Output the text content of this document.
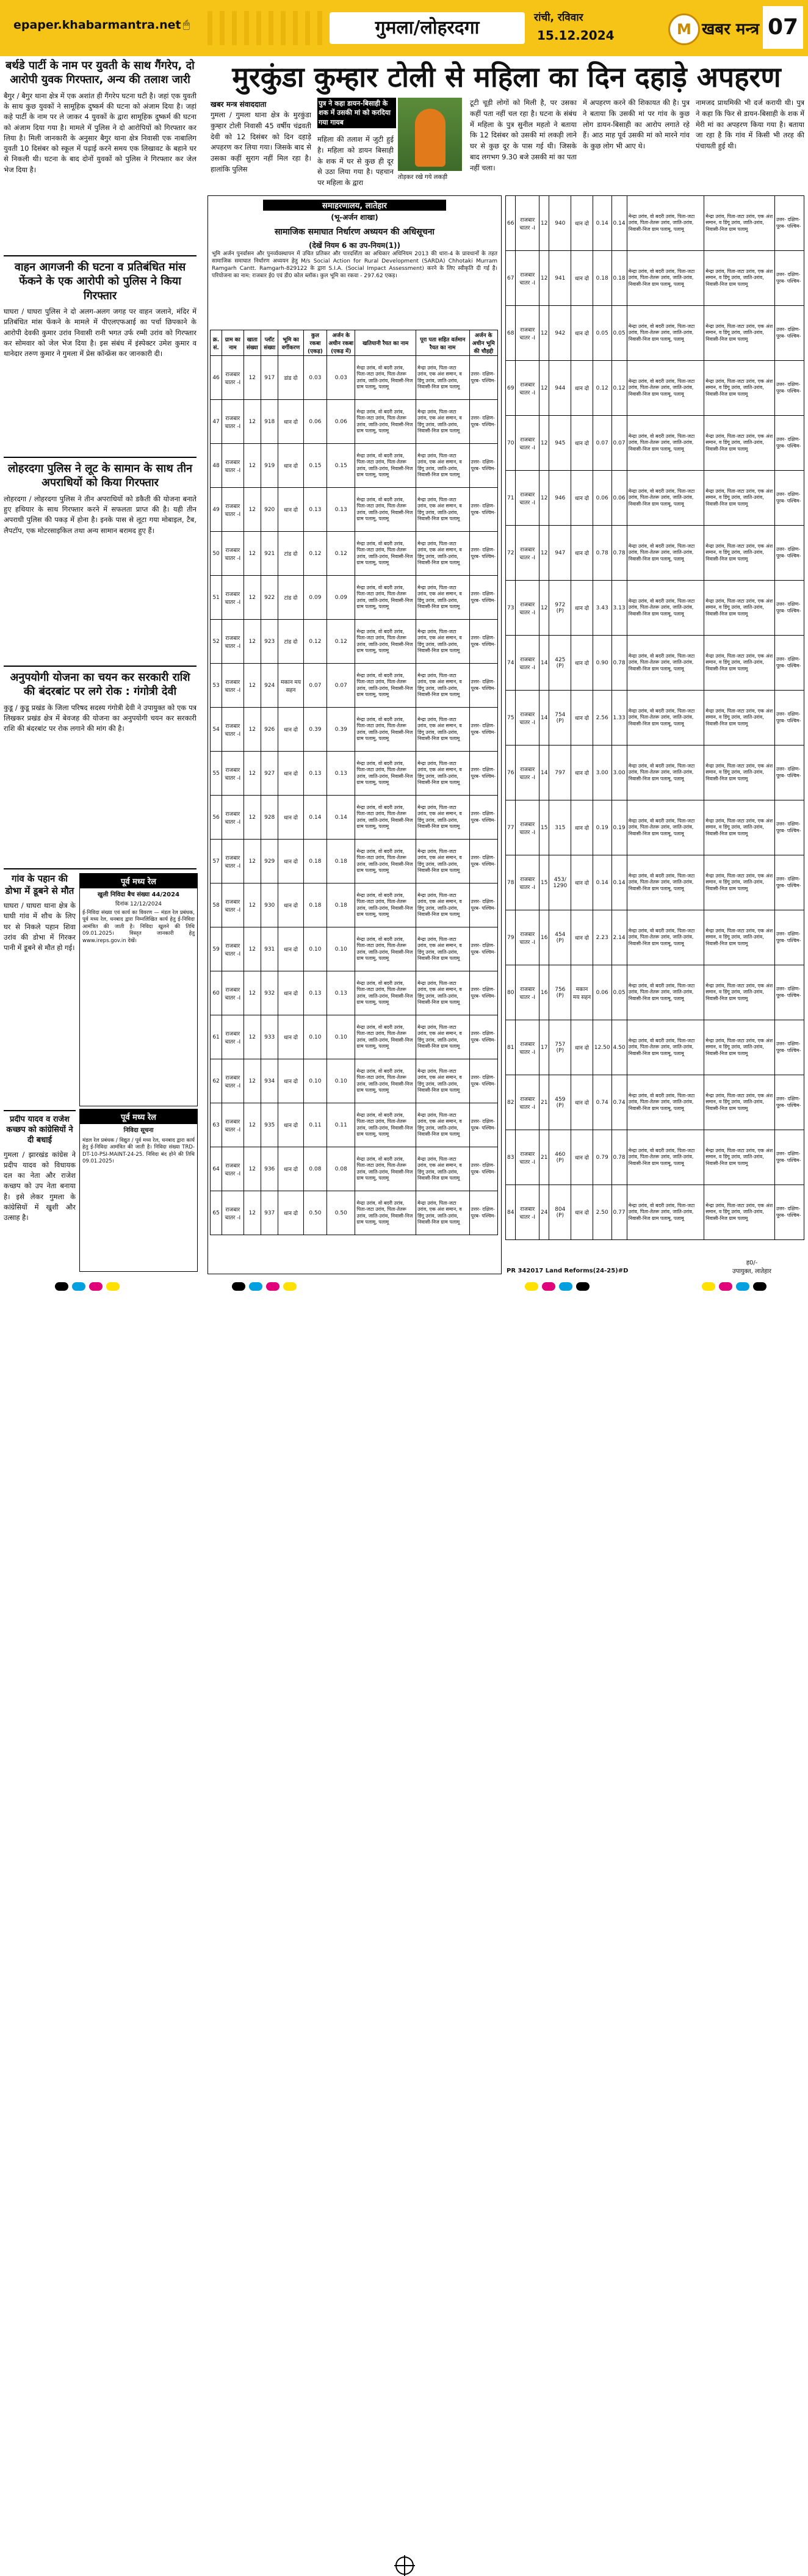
epaper.khabarmantra.net 🖱	गुमला/लोहरदगा	रांची, रविवार
15.12.2024	M खबर मन्त्र 07
बर्थडे पार्टी के नाम पर युवती के साथ गैंगरेप, दो आरोपी युवक गिरफ्तार, अन्य की तलाश जारी

बैगुर / बैगुर थाना क्षेत्र में एक अशांत ही गैंगरेप घटना घटी है। जहां एक युवती के साथ कुछ युवकों ने सामूहिक दुष्कर्म की घटना को अंजाम दिया है। जहां कहे पार्टी के नाम पर ले जाकर 4 युवकों के द्वारा सामूहिक दुष्कर्म की घटना को अंजाम दिया गया है। मामले में पुलिस ने दो आरोपियों को गिरफ्तार कर लिया है। मिली जानकारी के अनुसार बैगुर थाना क्षेत्र निवासी एक नाबालिग युवती 10 दिसंबर को स्कूल में पढ़ाई करने समय एक लिखावट के बहाने घर से निकली थी। घटना के बाद दोनों युवकों को पुलिस ने गिरफ्तार कर जेल भेज दिया है।

वाहन आगजनी की घटना व प्रतिबंधित मांस फेंकने के एक आरोपी को पुलिस ने किया गिरफ्तार

घाघरा / घाघरा पुलिस ने दो अलग-अलग जगह पर वाहन जलाने, मंदिर में प्रतिबंधित मांस फेंकने के मामले में पीएलएफआई का पर्चा छिपकाने के आरोपी देवकी कुमार उरांव निवासी रानी भगत उर्फ रम्मी उरांव को गिरफ्तार कर सोमवार को जेल भेज दिया है। इस संबंध में इंस्पेक्टर उमेश कुमार व थानेदार तरुण कुमार ने गुमला में प्रेस कॉन्फ्रेंस कर जानकारी दी।

लोहरदगा पुलिस ने लूट के सामान के साथ तीन अपराधियों को किया गिरफ्तार

लोहरदगा / लोहरदगा पुलिस ने तीन अपराधियों को डकैती की योजना बनाते हुए हथियार के साथ गिरफ्तार करने में सफलता प्राप्त की है। यही तीन अपराधी पुलिस की पकड़ में होना है। इनके पास से लूटा गया मोबाइल, टैब, लैपटॉप, एक मोटरसाइकिल तथा अन्य सामान बरामद हुए हैं।

अनुपयोगी योजना का चयन कर सरकारी राशि की बंदरबांट पर लगे रोक : गंगोत्री देवी

कुडू / कुडू प्रखंड के जिला परिषद सदस्य गंगोत्री देवी ने उपायुक्त को एक पत्र लिखकर प्रखंड क्षेत्र में बेवजह की योजना का अनुपयोगी चयन कर सरकारी राशि की बंदरबांट पर रोक लगाने की मांग की है।

गांव के पहान की डोभा में डूबने से मौत

घाघरा / घाघरा थाना क्षेत्र के घाघी गांव में शौच के लिए घर से निकले पहान शिवा उरांव की डोभा में गिरकर पानी में डूबने से मौत हो गई।

प्रदीप यादव व राजेश कच्छप को कांग्रेसियों ने दी बधाई

गुमला / झारखंड कांग्रेस ने प्रदीप यादव को विधायक दल का नेता और राजेश कच्छप को उप नेता बनाया है। इसे लेकर गुमला के कांग्रेसियों में खुशी और उत्साह है।

पूर्व मध्य रेल
खुली निविदा बैच संख्या 44/2024
दिनांक 12/12/2024
ई-निविदा संख्या एवं कार्य का विवरण — मंडल रेल प्रबंधक, पूर्व मध्य रेल, धनबाद द्वारा निम्नलिखित कार्य हेतु ई-निविदा आमंत्रित की जाती है। निविदा खुलने की तिथि 09.01.2025। विस्तृत जानकारी हेतु www.ireps.gov.in देखें।
पूर्व मध्य रेल
निविदा सूचना
मंडल रेल प्रबंधक / विद्युत / पूर्व मध्य रेल, धनबाद द्वारा कार्य हेतु ई-निविदा आमंत्रित की जाती है। निविदा संख्या TRD-DT-10-PSI-MAINT-24-25. निविदा बंद होने की तिथि 09.01.2025।
मुरकुंडा कुम्हार टोली से महिला का दिन दहाड़े अपहरण
खबर मन्त्र संवाददाता
गुमला / गुमला थाना क्षेत्र के मुरकुंडा कुम्हार टोली निवासी 45 वर्षीय चंद्रवती देवी को 12 दिसंबर को दिन दहाड़े अपहरण कर लिया गया। जिसके बाद से उसका कहीं सुराग नहीं मिल रहा है। हालांकि पुलिस
पुत्र ने कहा डायन-बिसाही के शक में उसकी मां को करदिया गया गायब
महिला की तलाश में जुटी हुई है। महिला को डायन बिसाही के शक में घर से कुछ ही दूर से उठा लिया गया है। पहचान पर महिला के द्वारा
तोड़कर रखे गये लकड़ी
टूटी चूड़ी लोगों को मिली है, पर उसका कहीं पता नहीं चल रहा है। घटना के संबंध में महिला के पुत्र सुनील महतो ने बताया कि 12 दिसंबर को उसकी मां लकड़ी लाने घर से कुछ दूर के पास गई थी। जिसके बाद लगभग 9.30 बजे उसकी मां का पता नहीं चला।
में अपहरण करने की शिकायत की है। पुत्र ने बताया कि उसकी मां पर गांव के कुछ लोग डायन-बिसाही का आरोप लगाते रहे हैं। आठ माह पूर्व उसकी मां को मारने गांव के कुछ लोग भी आए थे।
नामजद प्राथमिकी भी दर्ज करायी थी। पुत्र ने कहा कि फिर से डायन-बिसाही के शक में मेरी मां का अपहरण किया गया है। बताया जा रहा है कि गांव में किसी भी तरह की पंचायती हुई थी।
समाहरणालय, लातेहार
(भू-अर्जन शाखा)
सामाजिक समाघात निर्धारण अध्ययन की अधिसूचना
(देखें नियम 6 का उप-नियम(1))
भूमि अर्जन पुनर्वासन और पुनर्व्यवस्थापन में उचित प्रतिकर और पारदर्शिता का अधिकार अधिनियम 2013 की धारा-4 के प्रावधानों के तहत सामाजिक समाघात निर्धारण अध्ययन हेतु M/s Social Action for Rural Development (SARDA) Chhotaki Murram Ramgarh Cantt. Ramgarh-829122 के द्वारा S.I.A. (Social Impact Assessment) करने के लिए स्वीकृति दी गई है। परियोजना का नाम: राजबार ई0 एवं डी0 कोल ब्लॉक। कुल भूमि का रकवा - 297.62 एकड़।
क्र. सं.	ग्राम का नाम	खाता संख्या	प्लॉट संख्या	भूमि का वर्गीकरण	कुल रकबा (एकड़)	अर्जन के अधीन रकबा (एकड़ में)	खतियानी रैयत का नाम	पूरा पता सहित वर्तमान रैयत का नाम	अर्जन के अधीन भूमि की चौहद्दी
46	राजबार चातर -I	12	917	डांड दो	0.03	0.03	मेन्द्रा उरांव, वो बदरी उरांव, पिता-जटा उरांव, पिता-तेतरू उरांव, जाति-उरांव, निवासी-निज ग्राम पलामू, पलामू	मेन्द्रा उरांव, पिता-जटा उरांव, एक अंश समान, व डिंगू उरांव, जाति-उरांव, निवासी-निज ग्राम पलामू	उत्तर- दक्षिण- पूरब- पश्चिम-
47	राजबार चातर -I	12	918	धान दो	0.06	0.06	मेन्द्रा उरांव, वो बदरी उरांव, पिता-जटा उरांव, पिता-तेतरू उरांव, जाति-उरांव, निवासी-निज ग्राम पलामू, पलामू	मेन्द्रा उरांव, पिता-जटा उरांव, एक अंश समान, व डिंगू उरांव, जाति-उरांव, निवासी-निज ग्राम पलामू	उत्तर- दक्षिण- पूरब- पश्चिम-
48	राजबार चातर -I	12	919	धान दो	0.15	0.15	मेन्द्रा उरांव, वो बदरी उरांव, पिता-जटा उरांव, पिता-तेतरू उरांव, जाति-उरांव, निवासी-निज ग्राम पलामू, पलामू	मेन्द्रा उरांव, पिता-जटा उरांव, एक अंश समान, व डिंगू उरांव, जाति-उरांव, निवासी-निज ग्राम पलामू	उत्तर- दक्षिण- पूरब- पश्चिम-
49	राजबार चातर -I	12	920	धान दो	0.13	0.13	मेन्द्रा उरांव, वो बदरी उरांव, पिता-जटा उरांव, पिता-तेतरू उरांव, जाति-उरांव, निवासी-निज ग्राम पलामू, पलामू	मेन्द्रा उरांव, पिता-जटा उरांव, एक अंश समान, व डिंगू उरांव, जाति-उरांव, निवासी-निज ग्राम पलामू	उत्तर- दक्षिण- पूरब- पश्चिम-
50	राजबार चातर -I	12	921	टांड दो	0.12	0.12	मेन्द्रा उरांव, वो बदरी उरांव, पिता-जटा उरांव, पिता-तेतरू उरांव, जाति-उरांव, निवासी-निज ग्राम पलामू, पलामू	मेन्द्रा उरांव, पिता-जटा उरांव, एक अंश समान, व डिंगू उरांव, जाति-उरांव, निवासी-निज ग्राम पलामू	उत्तर- दक्षिण- पूरब- पश्चिम-
51	राजबार चातर -I	12	922	टांड दो	0.09	0.09	मेन्द्रा उरांव, वो बदरी उरांव, पिता-जटा उरांव, पिता-तेतरू उरांव, जाति-उरांव, निवासी-निज ग्राम पलामू, पलामू	मेन्द्रा उरांव, पिता-जटा उरांव, एक अंश समान, व डिंगू उरांव, जाति-उरांव, निवासी-निज ग्राम पलामू	उत्तर- दक्षिण- पूरब- पश्चिम-
52	राजबार चातर -I	12	923	टांड दो	0.12	0.12	मेन्द्रा उरांव, वो बदरी उरांव, पिता-जटा उरांव, पिता-तेतरू उरांव, जाति-उरांव, निवासी-निज ग्राम पलामू, पलामू	मेन्द्रा उरांव, पिता-जटा उरांव, एक अंश समान, व डिंगू उरांव, जाति-उरांव, निवासी-निज ग्राम पलामू	उत्तर- दक्षिण- पूरब- पश्चिम-
53	राजबार चातर -I	12	924	मकान मय सहन	0.07	0.07	मेन्द्रा उरांव, वो बदरी उरांव, पिता-जटा उरांव, पिता-तेतरू उरांव, जाति-उरांव, निवासी-निज ग्राम पलामू, पलामू	मेन्द्रा उरांव, पिता-जटा उरांव, एक अंश समान, व डिंगू उरांव, जाति-उरांव, निवासी-निज ग्राम पलामू	उत्तर- दक्षिण- पूरब- पश्चिम-
54	राजबार चातर -I	12	926	धान दो	0.39	0.39	मेन्द्रा उरांव, वो बदरी उरांव, पिता-जटा उरांव, पिता-तेतरू उरांव, जाति-उरांव, निवासी-निज ग्राम पलामू, पलामू	मेन्द्रा उरांव, पिता-जटा उरांव, एक अंश समान, व डिंगू उरांव, जाति-उरांव, निवासी-निज ग्राम पलामू	उत्तर- दक्षिण- पूरब- पश्चिम-
55	राजबार चातर -I	12	927	धान दो	0.13	0.13	मेन्द्रा उरांव, वो बदरी उरांव, पिता-जटा उरांव, पिता-तेतरू उरांव, जाति-उरांव, निवासी-निज ग्राम पलामू, पलामू	मेन्द्रा उरांव, पिता-जटा उरांव, एक अंश समान, व डिंगू उरांव, जाति-उरांव, निवासी-निज ग्राम पलामू	उत्तर- दक्षिण- पूरब- पश्चिम-
56	राजबार चातर -I	12	928	धान दो	0.14	0.14	मेन्द्रा उरांव, वो बदरी उरांव, पिता-जटा उरांव, पिता-तेतरू उरांव, जाति-उरांव, निवासी-निज ग्राम पलामू, पलामू	मेन्द्रा उरांव, पिता-जटा उरांव, एक अंश समान, व डिंगू उरांव, जाति-उरांव, निवासी-निज ग्राम पलामू	उत्तर- दक्षिण- पूरब- पश्चिम-
57	राजबार चातर -I	12	929	धान दो	0.18	0.18	मेन्द्रा उरांव, वो बदरी उरांव, पिता-जटा उरांव, पिता-तेतरू उरांव, जाति-उरांव, निवासी-निज ग्राम पलामू, पलामू	मेन्द्रा उरांव, पिता-जटा उरांव, एक अंश समान, व डिंगू उरांव, जाति-उरांव, निवासी-निज ग्राम पलामू	उत्तर- दक्षिण- पूरब- पश्चिम-
58	राजबार चातर -I	12	930	धान दो	0.18	0.18	मेन्द्रा उरांव, वो बदरी उरांव, पिता-जटा उरांव, पिता-तेतरू उरांव, जाति-उरांव, निवासी-निज ग्राम पलामू, पलामू	मेन्द्रा उरांव, पिता-जटा उरांव, एक अंश समान, व डिंगू उरांव, जाति-उरांव, निवासी-निज ग्राम पलामू	उत्तर- दक्षिण- पूरब- पश्चिम-
59	राजबार चातर -I	12	931	धान दो	0.10	0.10	मेन्द्रा उरांव, वो बदरी उरांव, पिता-जटा उरांव, पिता-तेतरू उरांव, जाति-उरांव, निवासी-निज ग्राम पलामू, पलामू	मेन्द्रा उरांव, पिता-जटा उरांव, एक अंश समान, व डिंगू उरांव, जाति-उरांव, निवासी-निज ग्राम पलामू	उत्तर- दक्षिण- पूरब- पश्चिम-
60	राजबार चातर -I	12	932	धान दो	0.13	0.13	मेन्द्रा उरांव, वो बदरी उरांव, पिता-जटा उरांव, पिता-तेतरू उरांव, जाति-उरांव, निवासी-निज ग्राम पलामू, पलामू	मेन्द्रा उरांव, पिता-जटा उरांव, एक अंश समान, व डिंगू उरांव, जाति-उरांव, निवासी-निज ग्राम पलामू	उत्तर- दक्षिण- पूरब- पश्चिम-
61	राजबार चातर -I	12	933	धान दो	0.10	0.10	मेन्द्रा उरांव, वो बदरी उरांव, पिता-जटा उरांव, पिता-तेतरू उरांव, जाति-उरांव, निवासी-निज ग्राम पलामू, पलामू	मेन्द्रा उरांव, पिता-जटा उरांव, एक अंश समान, व डिंगू उरांव, जाति-उरांव, निवासी-निज ग्राम पलामू	उत्तर- दक्षिण- पूरब- पश्चिम-
62	राजबार चातर -I	12	934	धान दो	0.10	0.10	मेन्द्रा उरांव, वो बदरी उरांव, पिता-जटा उरांव, पिता-तेतरू उरांव, जाति-उरांव, निवासी-निज ग्राम पलामू, पलामू	मेन्द्रा उरांव, पिता-जटा उरांव, एक अंश समान, व डिंगू उरांव, जाति-उरांव, निवासी-निज ग्राम पलामू	उत्तर- दक्षिण- पूरब- पश्चिम-
63	राजबार चातर -I	12	935	धान दो	0.11	0.11	मेन्द्रा उरांव, वो बदरी उरांव, पिता-जटा उरांव, पिता-तेतरू उरांव, जाति-उरांव, निवासी-निज ग्राम पलामू, पलामू	मेन्द्रा उरांव, पिता-जटा उरांव, एक अंश समान, व डिंगू उरांव, जाति-उरांव, निवासी-निज ग्राम पलामू	उत्तर- दक्षिण- पूरब- पश्चिम-
64	राजबार चातर -I	12	936	धान दो	0.08	0.08	मेन्द्रा उरांव, वो बदरी उरांव, पिता-जटा उरांव, पिता-तेतरू उरांव, जाति-उरांव, निवासी-निज ग्राम पलामू, पलामू	मेन्द्रा उरांव, पिता-जटा उरांव, एक अंश समान, व डिंगू उरांव, जाति-उरांव, निवासी-निज ग्राम पलामू	उत्तर- दक्षिण- पूरब- पश्चिम-
65	राजबार चातर -I	12	937	धान दो	0.50	0.50	मेन्द्रा उरांव, वो बदरी उरांव, पिता-जटा उरांव, पिता-तेतरू उरांव, जाति-उरांव, निवासी-निज ग्राम पलामू, पलामू	मेन्द्रा उरांव, पिता-जटा उरांव, एक अंश समान, व डिंगू उरांव, जाति-उरांव, निवासी-निज ग्राम पलामू	उत्तर- दक्षिण- पूरब- पश्चिम-
66	राजबार चातर -I	12	940	धान दो	0.14	0.14	मेन्द्रा उरांव, वो बदरी उरांव, पिता-जटा उरांव, पिता-तेतरू उरांव, जाति-उरांव, निवासी-निज ग्राम पलामू, पलामू	मेन्द्रा उरांव, पिता-जटा उरांव, एक अंश समान, व डिंगू उरांव, जाति-उरांव, निवासी-निज ग्राम पलामू	उत्तर- दक्षिण- पूरब- पश्चिम-
67	राजबार चातर -I	12	941	धान दो	0.18	0.18	मेन्द्रा उरांव, वो बदरी उरांव, पिता-जटा उरांव, पिता-तेतरू उरांव, जाति-उरांव, निवासी-निज ग्राम पलामू, पलामू	मेन्द्रा उरांव, पिता-जटा उरांव, एक अंश समान, व डिंगू उरांव, जाति-उरांव, निवासी-निज ग्राम पलामू	उत्तर- दक्षिण- पूरब- पश्चिम-
68	राजबार चातर -I	12	942	धान दो	0.05	0.05	मेन्द्रा उरांव, वो बदरी उरांव, पिता-जटा उरांव, पिता-तेतरू उरांव, जाति-उरांव, निवासी-निज ग्राम पलामू, पलामू	मेन्द्रा उरांव, पिता-जटा उरांव, एक अंश समान, व डिंगू उरांव, जाति-उरांव, निवासी-निज ग्राम पलामू	उत्तर- दक्षिण- पूरब- पश्चिम-
69	राजबार चातर -I	12	944	धान दो	0.12	0.12	मेन्द्रा उरांव, वो बदरी उरांव, पिता-जटा उरांव, पिता-तेतरू उरांव, जाति-उरांव, निवासी-निज ग्राम पलामू, पलामू	मेन्द्रा उरांव, पिता-जटा उरांव, एक अंश समान, व डिंगू उरांव, जाति-उरांव, निवासी-निज ग्राम पलामू	उत्तर- दक्षिण- पूरब- पश्चिम-
70	राजबार चातर -I	12	945	धान दो	0.07	0.07	मेन्द्रा उरांव, वो बदरी उरांव, पिता-जटा उरांव, पिता-तेतरू उरांव, जाति-उरांव, निवासी-निज ग्राम पलामू, पलामू	मेन्द्रा उरांव, पिता-जटा उरांव, एक अंश समान, व डिंगू उरांव, जाति-उरांव, निवासी-निज ग्राम पलामू	उत्तर- दक्षिण- पूरब- पश्चिम-
71	राजबार चातर -I	12	946	धान दो	0.06	0.06	मेन्द्रा उरांव, वो बदरी उरांव, पिता-जटा उरांव, पिता-तेतरू उरांव, जाति-उरांव, निवासी-निज ग्राम पलामू, पलामू	मेन्द्रा उरांव, पिता-जटा उरांव, एक अंश समान, व डिंगू उरांव, जाति-उरांव, निवासी-निज ग्राम पलामू	उत्तर- दक्षिण- पूरब- पश्चिम-
72	राजबार चातर -I	12	947	धान दो	0.78	0.78	मेन्द्रा उरांव, वो बदरी उरांव, पिता-जटा उरांव, पिता-तेतरू उरांव, जाति-उरांव, निवासी-निज ग्राम पलामू, पलामू	मेन्द्रा उरांव, पिता-जटा उरांव, एक अंश समान, व डिंगू उरांव, जाति-उरांव, निवासी-निज ग्राम पलामू	उत्तर- दक्षिण- पूरब- पश्चिम-
73	राजबार चातर -I	12	972 (P)	धान दो	3.43	3.13	मेन्द्रा उरांव, वो बदरी उरांव, पिता-जटा उरांव, पिता-तेतरू उरांव, जाति-उरांव, निवासी-निज ग्राम पलामू, पलामू	मेन्द्रा उरांव, पिता-जटा उरांव, एक अंश समान, व डिंगू उरांव, जाति-उरांव, निवासी-निज ग्राम पलामू	उत्तर- दक्षिण- पूरब- पश्चिम-
74	राजबार चातर -I	14	425 (P)	धान दो	0.90	0.78	मेन्द्रा उरांव, वो बदरी उरांव, पिता-जटा उरांव, पिता-तेतरू उरांव, जाति-उरांव, निवासी-निज ग्राम पलामू, पलामू	मेन्द्रा उरांव, पिता-जटा उरांव, एक अंश समान, व डिंगू उरांव, जाति-उरांव, निवासी-निज ग्राम पलामू	उत्तर- दक्षिण- पूरब- पश्चिम-
75	राजबार चातर -I	14	754 (P)	धान दो	2.56	1.33	मेन्द्रा उरांव, वो बदरी उरांव, पिता-जटा उरांव, पिता-तेतरू उरांव, जाति-उरांव, निवासी-निज ग्राम पलामू, पलामू	मेन्द्रा उरांव, पिता-जटा उरांव, एक अंश समान, व डिंगू उरांव, जाति-उरांव, निवासी-निज ग्राम पलामू	उत्तर- दक्षिण- पूरब- पश्चिम-
76	राजबार चातर -I	14	797	धान दो	3.00	3.00	मेन्द्रा उरांव, वो बदरी उरांव, पिता-जटा उरांव, पिता-तेतरू उरांव, जाति-उरांव, निवासी-निज ग्राम पलामू, पलामू	मेन्द्रा उरांव, पिता-जटा उरांव, एक अंश समान, व डिंगू उरांव, जाति-उरांव, निवासी-निज ग्राम पलामू	उत्तर- दक्षिण- पूरब- पश्चिम-
77	राजबार चातर -I	15	315	धान दो	0.19	0.19	मेन्द्रा उरांव, वो बदरी उरांव, पिता-जटा उरांव, पिता-तेतरू उरांव, जाति-उरांव, निवासी-निज ग्राम पलामू, पलामू	मेन्द्रा उरांव, पिता-जटा उरांव, एक अंश समान, व डिंगू उरांव, जाति-उरांव, निवासी-निज ग्राम पलामू	उत्तर- दक्षिण- पूरब- पश्चिम-
78	राजबार चातर -I	15	453/ 1290	धान दो	0.14	0.14	मेन्द्रा उरांव, वो बदरी उरांव, पिता-जटा उरांव, पिता-तेतरू उरांव, जाति-उरांव, निवासी-निज ग्राम पलामू, पलामू	मेन्द्रा उरांव, पिता-जटा उरांव, एक अंश समान, व डिंगू उरांव, जाति-उरांव, निवासी-निज ग्राम पलामू	उत्तर- दक्षिण- पूरब- पश्चिम-
79	राजबार चातर -I	16	454 (P)	धान दो	2.23	2.14	मेन्द्रा उरांव, वो बदरी उरांव, पिता-जटा उरांव, पिता-तेतरू उरांव, जाति-उरांव, निवासी-निज ग्राम पलामू, पलामू	मेन्द्रा उरांव, पिता-जटा उरांव, एक अंश समान, व डिंगू उरांव, जाति-उरांव, निवासी-निज ग्राम पलामू	उत्तर- दक्षिण- पूरब- पश्चिम-
80	राजबार चातर -I	16	756 (P)	मकान मय सहन	0.06	0.05	मेन्द्रा उरांव, वो बदरी उरांव, पिता-जटा उरांव, पिता-तेतरू उरांव, जाति-उरांव, निवासी-निज ग्राम पलामू, पलामू	मेन्द्रा उरांव, पिता-जटा उरांव, एक अंश समान, व डिंगू उरांव, जाति-उरांव, निवासी-निज ग्राम पलामू	उत्तर- दक्षिण- पूरब- पश्चिम-
81	राजबार चातर -I	17	757 (P)	धान दो	12.50	4.50	मेन्द्रा उरांव, वो बदरी उरांव, पिता-जटा उरांव, पिता-तेतरू उरांव, जाति-उरांव, निवासी-निज ग्राम पलामू, पलामू	मेन्द्रा उरांव, पिता-जटा उरांव, एक अंश समान, व डिंगू उरांव, जाति-उरांव, निवासी-निज ग्राम पलामू	उत्तर- दक्षिण- पूरब- पश्चिम-
82	राजबार चातर -I	21	459 (P)	धान दो	0.74	0.74	मेन्द्रा उरांव, वो बदरी उरांव, पिता-जटा उरांव, पिता-तेतरू उरांव, जाति-उरांव, निवासी-निज ग्राम पलामू, पलामू	मेन्द्रा उरांव, पिता-जटा उरांव, एक अंश समान, व डिंगू उरांव, जाति-उरांव, निवासी-निज ग्राम पलामू	उत्तर- दक्षिण- पूरब- पश्चिम-
83	राजबार चातर -I	21	460 (P)	धान दो	0.79	0.78	मेन्द्रा उरांव, वो बदरी उरांव, पिता-जटा उरांव, पिता-तेतरू उरांव, जाति-उरांव, निवासी-निज ग्राम पलामू, पलामू	मेन्द्रा उरांव, पिता-जटा उरांव, एक अंश समान, व डिंगू उरांव, जाति-उरांव, निवासी-निज ग्राम पलामू	उत्तर- दक्षिण- पूरब- पश्चिम-
84	राजबार चातर -I	24	804 (P)	धान दो	2.50	0.77	मेन्द्रा उरांव, वो बदरी उरांव, पिता-जटा उरांव, पिता-तेतरू उरांव, जाति-उरांव, निवासी-निज ग्राम पलामू, पलामू	मेन्द्रा उरांव, पिता-जटा उरांव, एक अंश समान, व डिंगू उरांव, जाति-उरांव, निवासी-निज ग्राम पलामू	उत्तर- दक्षिण- पूरब- पश्चिम-
PR 342017 Land Reforms(24-25)#D
ह0/-
उपायुक्त, लातेहार
